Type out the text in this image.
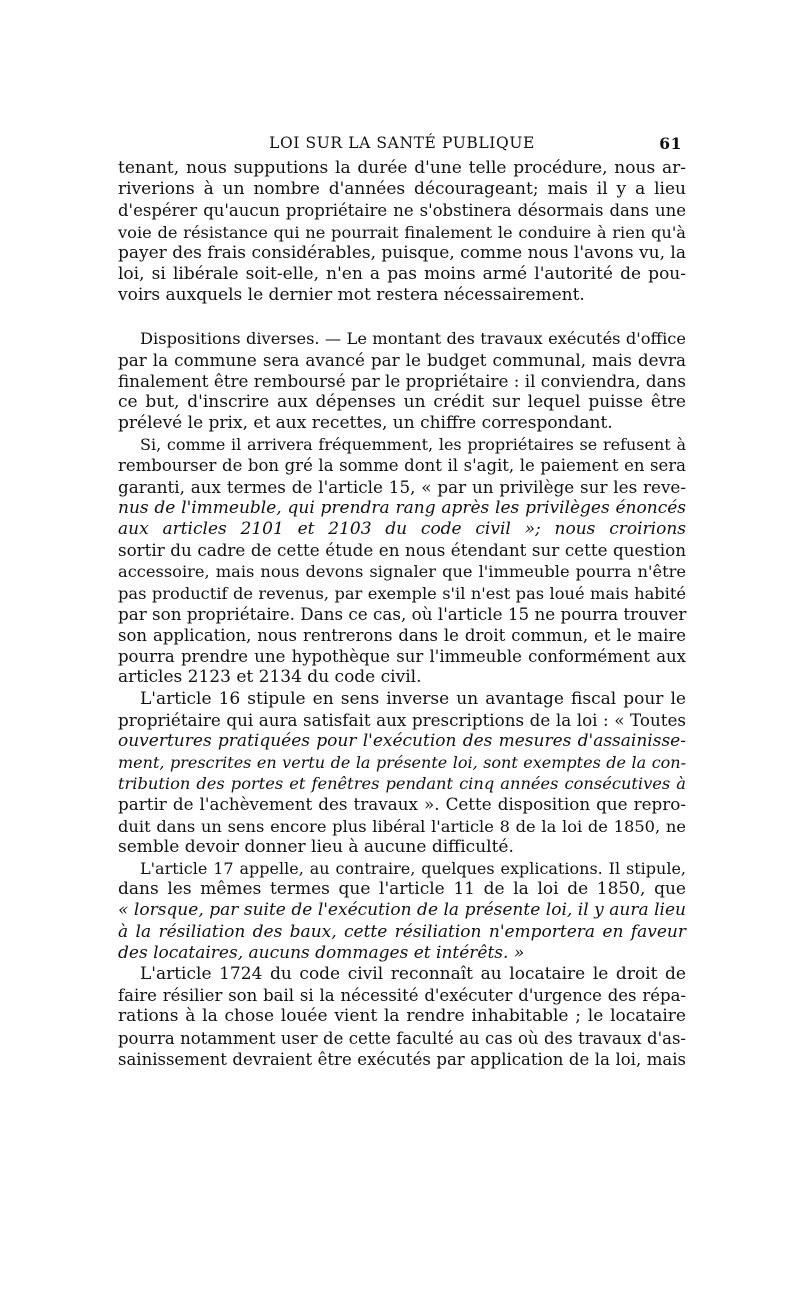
LOI SUR LA SANTÉ PUBLIQUE	61
tenant, nous supputions la durée d'une telle procédure, nous ar-
riverions à un nombre d'années décourageant; mais il y a lieu
d'espérer qu'aucun propriétaire ne s'obstinera désormais dans une
voie de résistance qui ne pourrait finalement le conduire à rien qu'à
payer des frais considérables, puisque, comme nous l'avons vu, la
loi, si libérale soit-elle, n'en a pas moins armé l'autorité de pou-
voirs auxquels le dernier mot restera nécessairement.
Dispositions diverses. — Le montant des travaux exécutés d'office
par la commune sera avancé par le budget communal, mais devra
finalement être remboursé par le propriétaire : il conviendra, dans
ce but, d'inscrire aux dépenses un crédit sur lequel puisse être
prélevé le prix, et aux recettes, un chiffre correspondant.
Si, comme il arrivera fréquemment, les propriétaires se refusent à
rembourser de bon gré la somme dont il s'agit, le paiement en sera
garanti, aux termes de l'article 15, « par un privilège sur les reve-
nus de l'immeuble, qui prendra rang après les privilèges énoncés
aux articles 2101 et 2103 du code civil »; nous croirions
sortir du cadre de cette étude en nous étendant sur cette question
accessoire, mais nous devons signaler que l'immeuble pourra n'être
pas productif de revenus, par exemple s'il n'est pas loué mais habité
par son propriétaire. Dans ce cas, où l'article 15 ne pourra trouver
son application, nous rentrerons dans le droit commun, et le maire
pourra prendre une hypothèque sur l'immeuble conformément aux
articles 2123 et 2134 du code civil.
L'article 16 stipule en sens inverse un avantage fiscal pour le
propriétaire qui aura satisfait aux prescriptions de la loi : « Toutes
ouvertures pratiquées pour l'exécution des mesures d'assainisse-
ment, prescrites en vertu de la présente loi, sont exemptes de la con-
tribution des portes et fenêtres pendant cinq années consécutives à
partir de l'achèvement des travaux ». Cette disposition que repro-
duit dans un sens encore plus libéral l'article 8 de la loi de 1850, ne
semble devoir donner lieu à aucune difficulté.
L'article 17 appelle, au contraire, quelques explications. Il stipule,
dans les mêmes termes que l'article 11 de la loi de 1850, que
« lorsque, par suite de l'exécution de la présente loi, il y aura lieu
à la résiliation des baux, cette résiliation n'emportera en faveur
des locataires, aucuns dommages et intérêts. »
L'article 1724 du code civil reconnaît au locataire le droit de
faire résilier son bail si la nécessité d'exécuter d'urgence des répa-
rations à la chose louée vient la rendre inhabitable ; le locataire
pourra notamment user de cette faculté au cas où des travaux d'as-
sainissement devraient être exécutés par application de la loi, mais
